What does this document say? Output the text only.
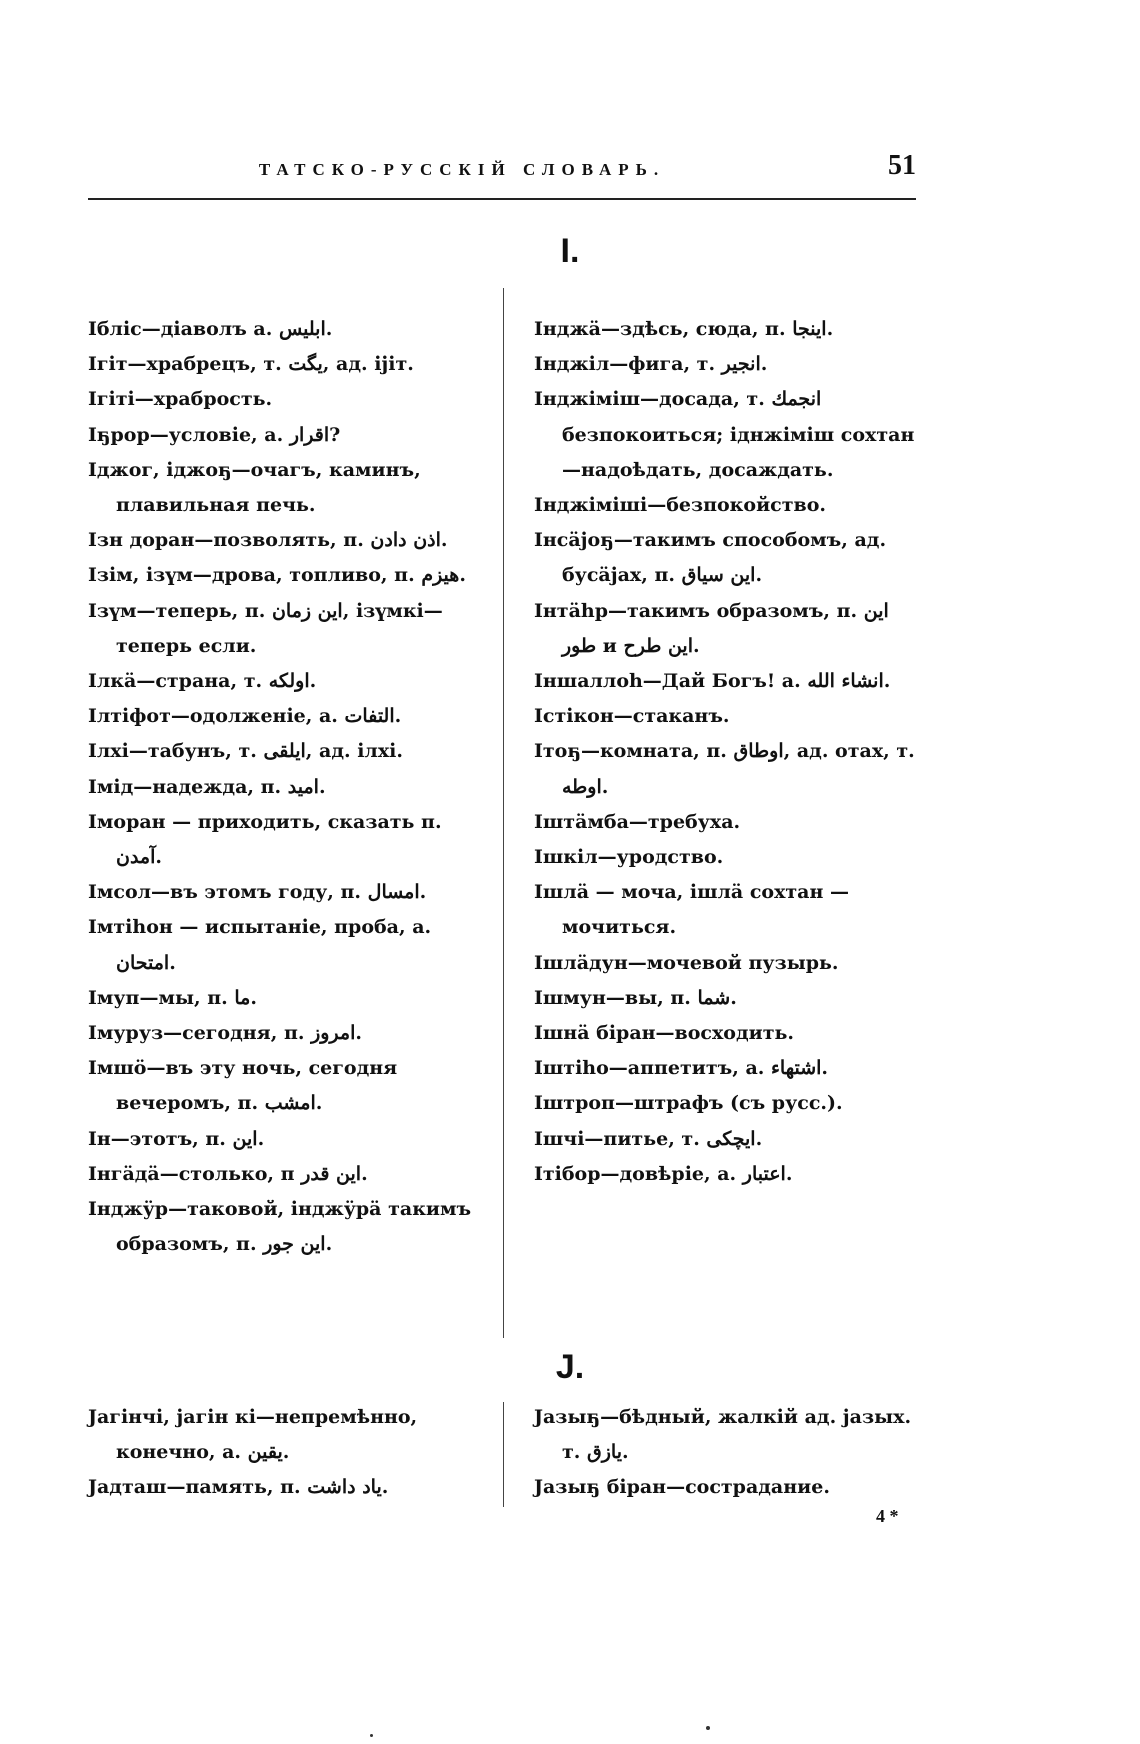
ТАТСКО-РУССКІЙ СЛОВАРЬ.	51
I.

Ібліс—діаволъ а. ابليس.

Ігіт—храбрецъ, т. يگت, ад. ijiт.

Ігіті—храбрость.

Іҕрор—условіе, а. اقرار?

Іджог, іджоҕ—очагъ, каминъ, плавильная печь.

Ізн доран—позволять, п. اذن دادن.

Ізім, ізүм—дрова, топливо, п. هيزم.

Ізүм—теперь, п. اين زمان, ізүмкі—теперь если.

Ілкä—страна, т. اولكه.

Ілтіфот—одолженіе, а. التفات.

Ілхі—табунъ, т. ايلقى, ад. ілхі.

Імід—надежда, п. اميد.

Іморан — приходить, сказать п. آمدن.

Імсол—въ этомъ году, п. امسال.

Імтіһон — испытаніе, проба, а. امتحان.

Імуп—мы, п. ما.

Імуруз—сегодня, п. امروز.

Імшö—въ эту ночь, сегодня вечеромъ, п. امشب.

Ін—этотъ, п. اين.

Інгäдä—столько, п اين قدر.

Інджӱр—таковой, інджӱрä такимъ образомъ, п. اين جور.

Інджä—здѣсь, сюда, п. اينجا.

Інджіл—фига, т. انجير.

Інджіміш—досада, т. انجمك безпокоиться; іднжіміш сохтан—надоѣдать, досаждать.

Інджіміші—безпокойство.

Інсäjоҕ—такимъ способомъ, ад. бусäjах, п. اين سياق.

Інтäһр—такимъ образомъ, п. اين طور и اين طرح.

Іншаллоһ—Дай Богъ! а. انشاء الله.

Істікон—стаканъ.

Ітоҕ—комната, п. اوطاق, ад. отах, т. اوطه.

Іштäмба—требуха.

Ішкіл—уродство.

Ішлä — моча, ішлä сохтан — мочиться.

Ішлäдун—мочевой пузырь.

Ішмун—вы, п. شما.

Ішнä біран—восходить.

Іштіһо—аппетитъ, а. اشتهاء.

Іштроп—штрафъ (съ русс.).

Ішчі—питье, т. ايچكى.

Ітібор—довѣріе, а. اعتبار.

J.

Jагінчі, jагін кі—непремѣнно, конечно, а. يقين.

Jадташ—память, п. ياد داشت.

Jазыҕ—бѣдный, жалкій ад. jазых. т. يازق.

Jазыҕ біран—сострадание.

4 *
